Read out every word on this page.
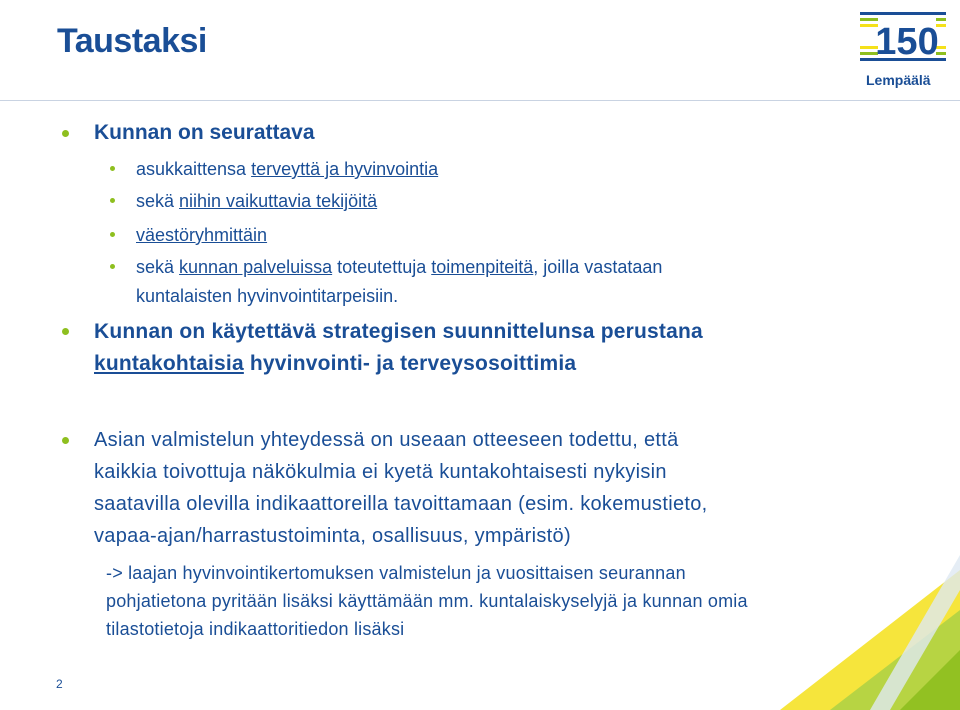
Taustaksi	150
Lempäälä
Kunnan on seurattava
asukkaittensa terveyttä ja hyvinvointia
sekä niihin vaikuttavia tekijöitä
väestöryhmittäin
sekä kunnan palveluissa toteutettuja toimenpiteitä, joilla vastataan
kuntalaisten hyvinvointitarpeisiin.
Kunnan on käytettävä strategisen suunnittelunsa perustana
kuntakohtaisia hyvinvointi- ja terveysosoittimia
Asian valmistelun yhteydessä on useaan otteeseen todettu, että
kaikkia toivottuja näkökulmia ei kyetä kuntakohtaisesti nykyisin
saatavilla olevilla indikaattoreilla tavoittamaan (esim. kokemustieto,
vapaa-ajan/harrastustoiminta, osallisuus, ympäristö)
-> laajan hyvinvointikertomuksen valmistelun ja vuosittaisen seurannan
pohjatietona pyritään lisäksi käyttämään mm. kuntalaiskyselyjä ja kunnan omia
tilastotietoja indikaattoritiedon lisäksi
2
